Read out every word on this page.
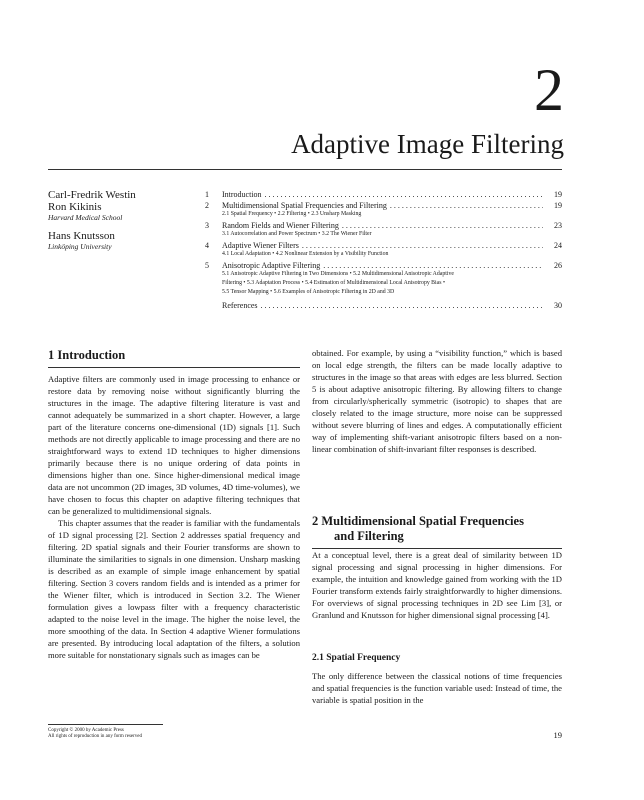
2
Adaptive Image Filtering
Carl-Fredrik Westin
Ron Kikinis
Harvard Medical School
Hans Knutsson
Linköping University
1	Introduction . . .	19
2	Multidimensional Spatial Frequencies and Filtering . . .	19
2.1 Spatial Frequency • 2.2 Filtering • 2.3 Unsharp Masking
3	Random Fields and Wiener Filtering . . .	23
3.1 Autocorrelation and Power Spectrum • 3.2 The Wiener Filter
4	Adaptive Wiener Filters . . .	24
4.1 Local Adaptation • 4.2 Nonlinear Extension by a Visibility Function
5	Anisotropic Adaptive Filtering . . .	26
5.1 Anisotropic Adaptive Filtering in Two Dimensions • 5.2 Multidimensional Anisotropic Adaptive
Filtering • 5.3 Adaptation Process • 5.4 Estimation of Multidimensional Local Anisotropy Bias •
5.5 Tensor Mapping • 5.6 Examples of Anisotropic Filtering in 2D and 3D
References . . .	30
1 Introduction

Adaptive filters are commonly used in image processing to enhance or restore data by removing noise without significantly blurring the structures in the image. The adaptive filtering literature is vast and cannot adequately be summarized in a short chapter. However, a large part of the literature concerns one-dimensional (1D) signals [1]. Such methods are not directly applicable to image processing and there are no straightforward ways to extend 1D techniques to higher dimensions primarily because there is no unique ordering of data points in dimensions higher than one. Since higher-dimensional medical image data are not uncommon (2D images, 3D volumes, 4D time-volumes), we have chosen to focus this chapter on adaptive filtering techniques that can be generalized to multidimensional signals.

This chapter assumes that the reader is familiar with the fundamentals of 1D signal processing [2]. Section 2 addresses spatial frequency and filtering. 2D spatial signals and their Fourier transforms are shown to illuminate the similarities to signals in one dimension. Unsharp masking is described as an example of simple image enhancement by spatial filtering. Section 3 covers random fields and is intended as a primer for the Wiener filter, which is introduced in Section 3.2. The Wiener formulation gives a lowpass filter with a frequency characteristic adapted to the noise level in the image. The higher the noise level, the more smoothing of the data. In Section 4 adaptive Wiener formulations are presented. By introducing local adaptation of the filters, a solution more suitable for nonstationary signals such as images can be

obtained. For example, by using a “visibility function,” which is based on local edge strength, the filters can be made locally adaptive to structures in the image so that areas with edges are less blurred. Section 5 is about adaptive anisotropic filtering. By allowing filters to change from circularly/spherically symmetric (isotropic) to shapes that are closely related to the image structure, more noise can be suppressed without severe blurring of lines and edges. A computationally efficient way of implementing shift-variant anisotropic filters based on a non-linear combination of shift-invariant filter responses is described.

2 Multidimensional Spatial Frequencies
and Filtering

At a conceptual level, there is a great deal of similarity between 1D signal processing and signal processing in higher dimensions. For example, the intuition and knowledge gained from working with the 1D Fourier transform extends fairly straightforwardly to higher dimensions. For overviews of signal processing techniques in 2D see Lim [3], or Granlund and Knutsson for higher dimensional signal processing [4].

2.1 Spatial Frequency

The only difference between the classical notions of time frequencies and spatial frequencies is the function variable used: Instead of time, the variable is spatial position in the

Copyright © 2000 by Academic Press
All rights of reproduction in any form reserved	19
